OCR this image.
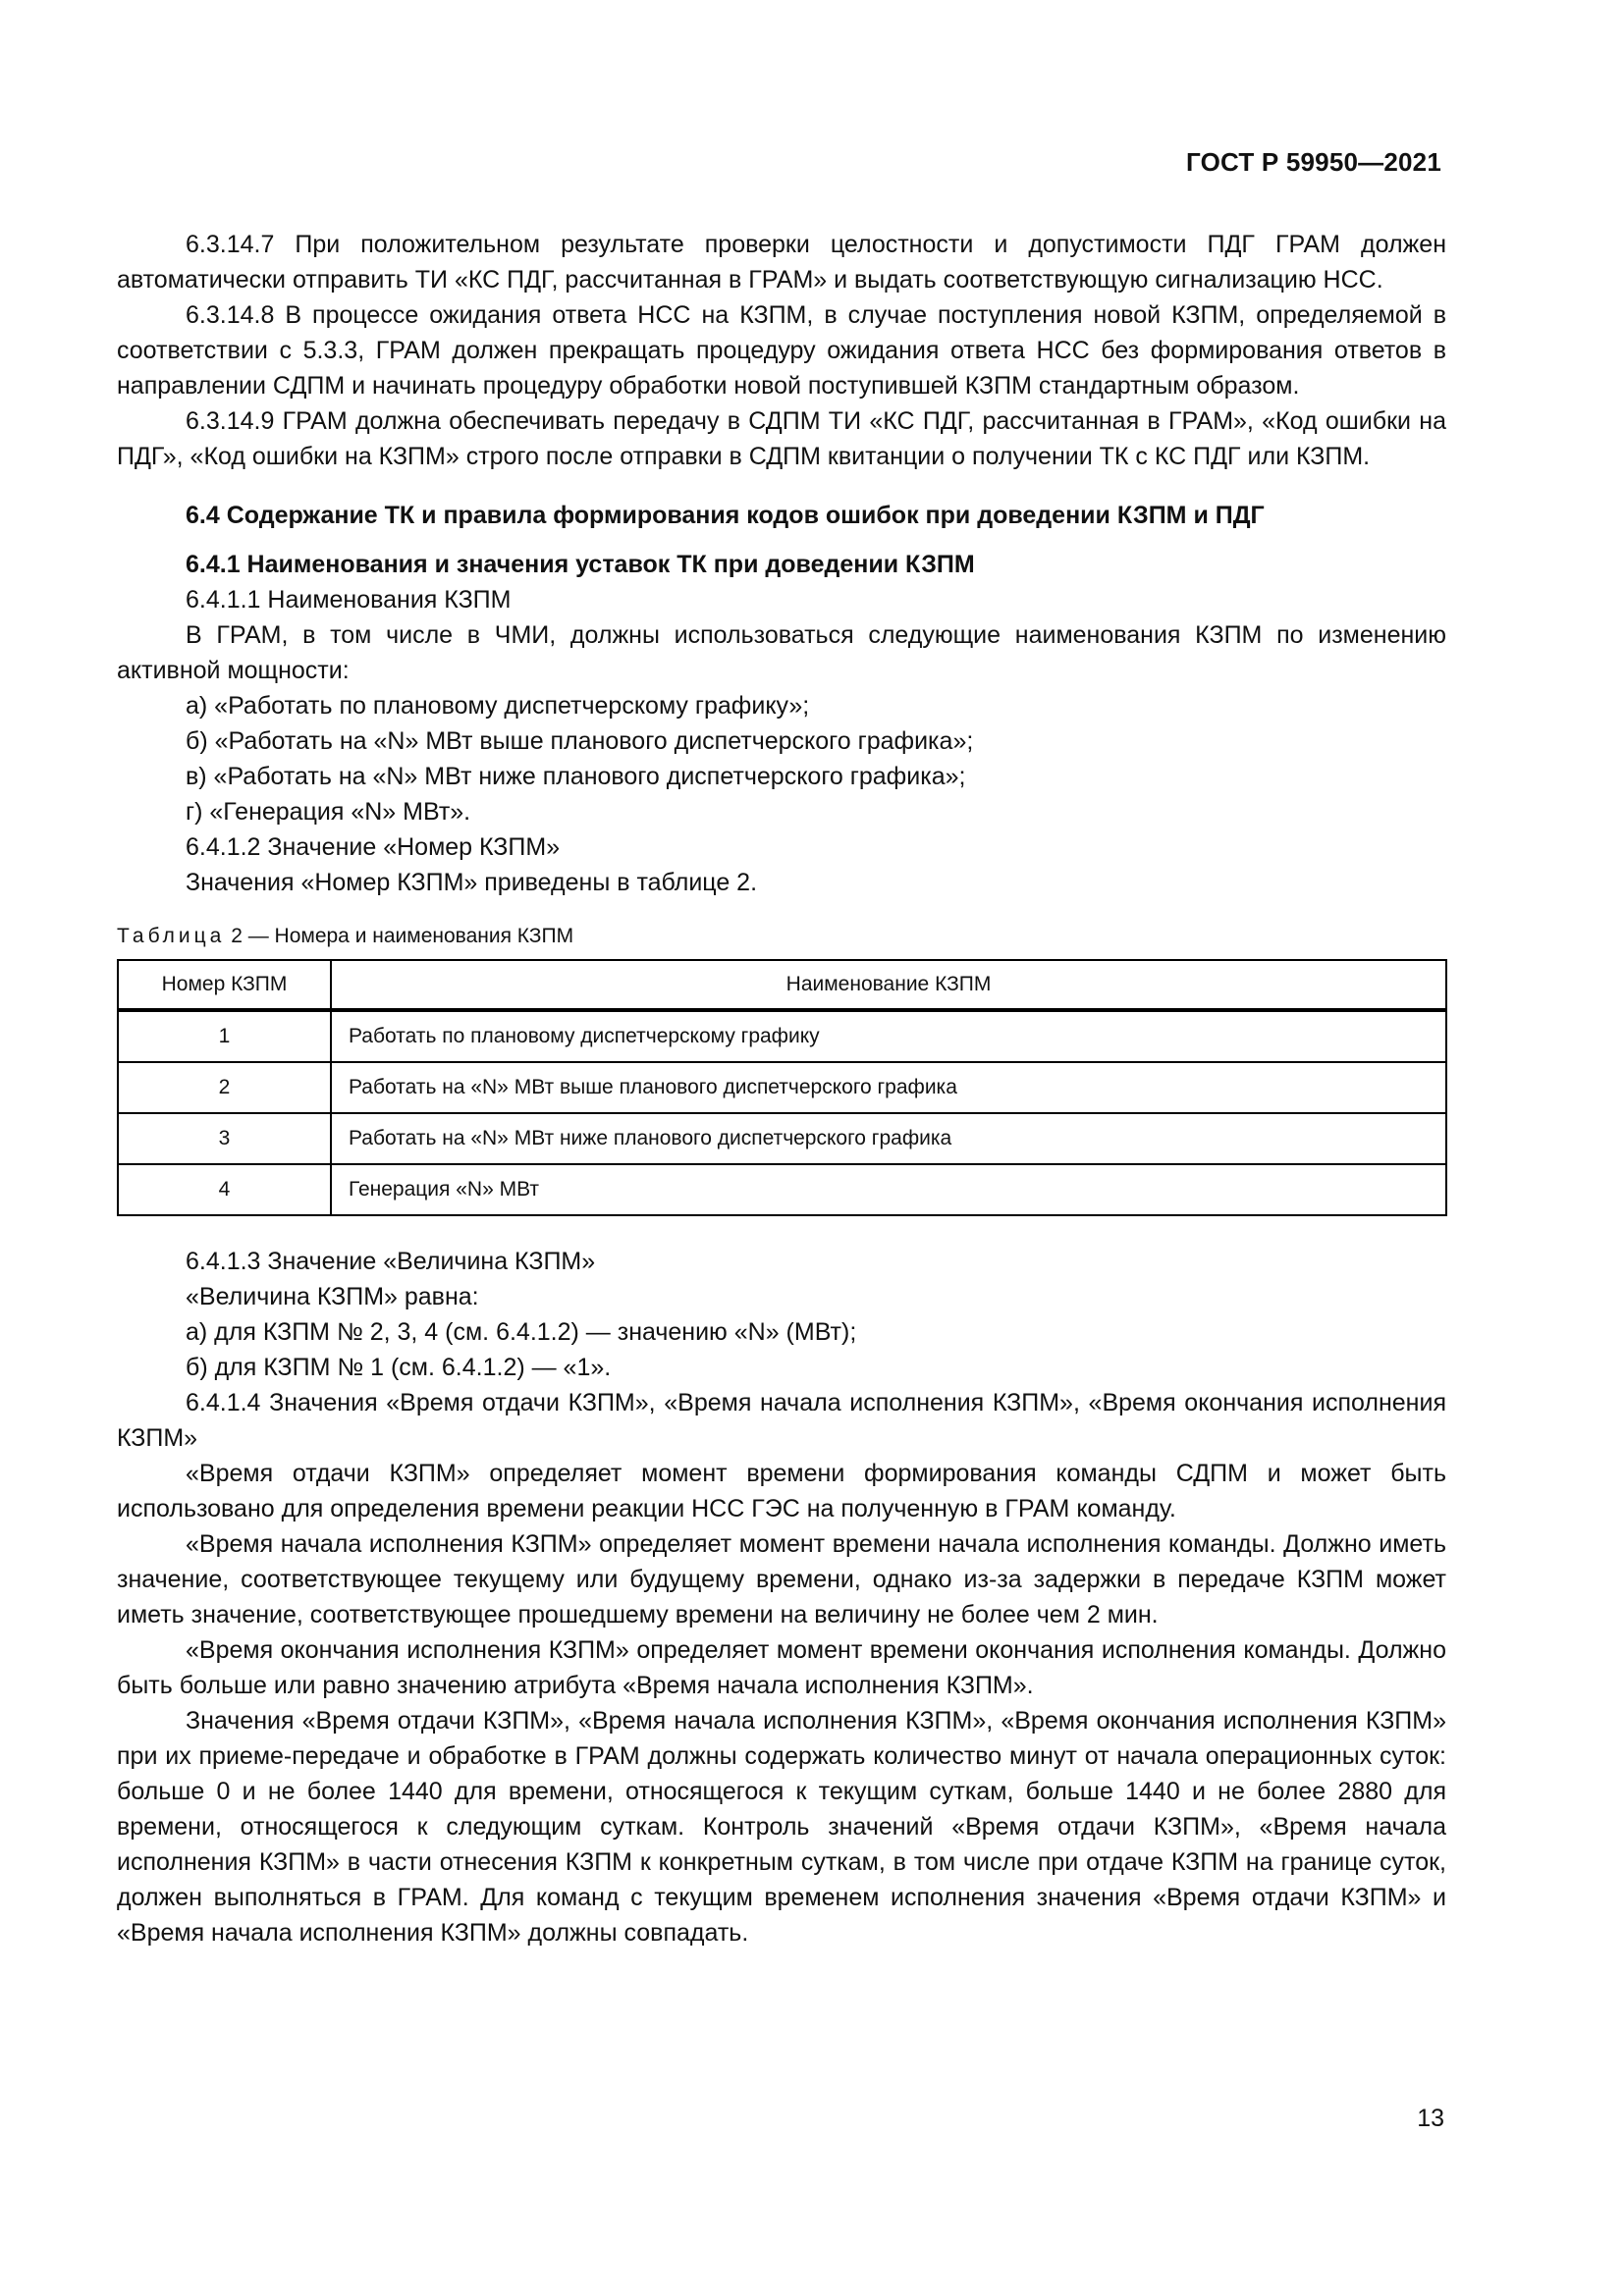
ГОСТ Р 59950—2021

6.3.14.7 При положительном результате проверки целостности и допустимости ПДГ ГРАМ должен автоматически отправить ТИ «КС ПДГ, рассчитанная в ГРАМ» и выдать соответствующую сигнализацию НСС.

6.3.14.8 В процессе ожидания ответа НСС на КЗПМ, в случае поступления новой КЗПМ, определяемой в соответствии с 5.3.3, ГРАМ должен прекращать процедуру ожидания ответа НСС без формирования ответов в направлении СДПМ и начинать процедуру обработки новой поступившей КЗПМ стандартным образом.

6.3.14.9 ГРАМ должна обеспечивать передачу в СДПМ ТИ «КС ПДГ, рассчитанная в ГРАМ», «Код ошибки на ПДГ», «Код ошибки на КЗПМ» строго после отправки в СДПМ квитанции о получении ТК с КС ПДГ или КЗПМ.

6.4 Содержание ТК и правила формирования кодов ошибок при доведении КЗПМ и ПДГ

6.4.1 Наименования и значения уставок ТК при доведении КЗПМ

6.4.1.1 Наименования КЗПМ

В ГРАМ, в том числе в ЧМИ, должны использоваться следующие наименования КЗПМ по изменению активной мощности:

а) «Работать по плановому диспетчерскому графику»;

б) «Работать на «N» МВт выше планового диспетчерского графика»;

в) «Работать на «N» МВт ниже планового диспетчерского графика»;

г) «Генерация «N» МВт».

6.4.1.2 Значение «Номер КЗПМ»

Значения «Номер КЗПМ» приведены в таблице 2.

Таблица 2 — Номера и наименования КЗПМ

Номер КЗПМ	Наименование КЗПМ
1	Работать по плановому диспетчерскому графику
2	Работать на «N» МВт выше планового диспетчерского графика
3	Работать на «N» МВт ниже планового диспетчерского графика
4	Генерация «N» МВт

6.4.1.3 Значение «Величина КЗПМ»

«Величина КЗПМ» равна:

а) для КЗПМ № 2, 3, 4 (см. 6.4.1.2) — значению «N» (МВт);

б) для КЗПМ № 1 (см. 6.4.1.2) — «1».

6.4.1.4 Значения «Время отдачи КЗПМ», «Время начала исполнения КЗПМ», «Время окончания исполнения КЗПМ»

«Время отдачи КЗПМ» определяет момент времени формирования команды СДПМ и может быть использовано для определения времени реакции НСС ГЭС на полученную в ГРАМ команду.

«Время начала исполнения КЗПМ» определяет момент времени начала исполнения команды. Должно иметь значение, соответствующее текущему или будущему времени, однако из-за задержки в передаче КЗПМ может иметь значение, соответствующее прошедшему времени на величину не более чем 2 мин.

«Время окончания исполнения КЗПМ» определяет момент времени окончания исполнения команды. Должно быть больше или равно значению атрибута «Время начала исполнения КЗПМ».

Значения «Время отдачи КЗПМ», «Время начала исполнения КЗПМ», «Время окончания исполнения КЗПМ» при их приеме-передаче и обработке в ГРАМ должны содержать количество минут от начала операционных суток: больше 0 и не более 1440 для времени, относящегося к текущим суткам, больше 1440 и не более 2880 для времени, относящегося к следующим суткам. Контроль значений «Время отдачи КЗПМ», «Время начала исполнения КЗПМ» в части отнесения КЗПМ к конкретным суткам, в том числе при отдаче КЗПМ на границе суток, должен выполняться в ГРАМ. Для команд с текущим временем исполнения значения «Время отдачи КЗПМ» и «Время начала исполнения КЗПМ» должны совпадать.

13
